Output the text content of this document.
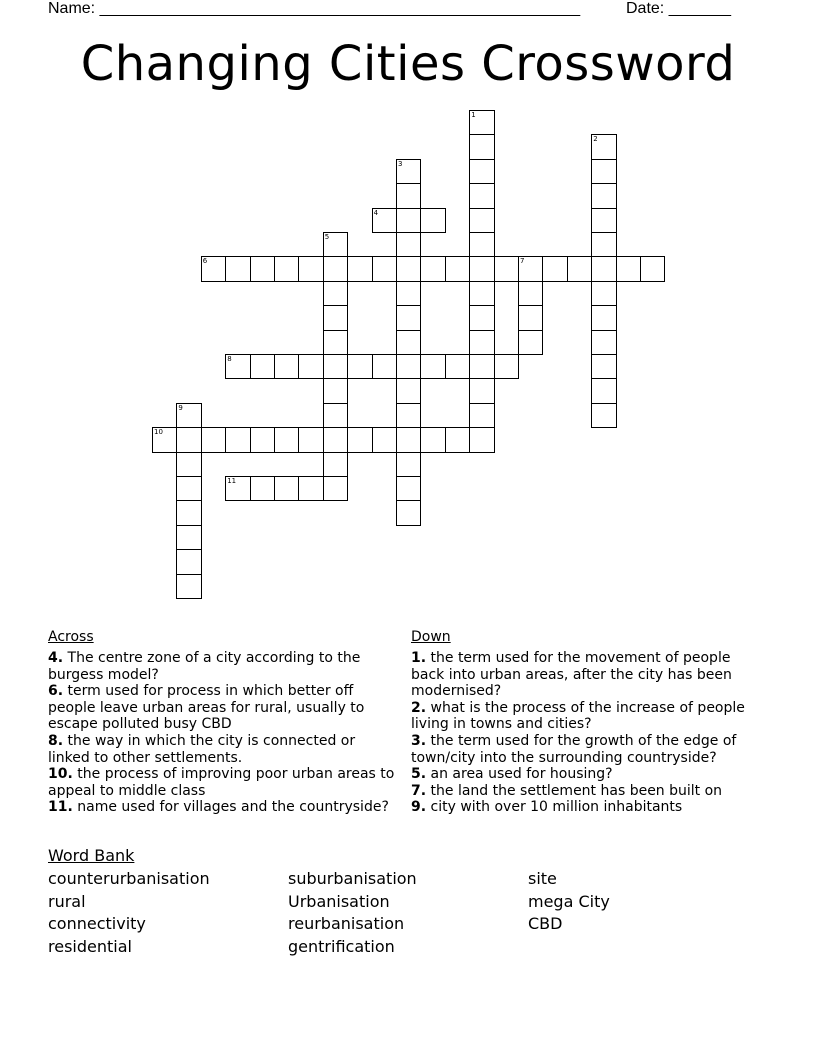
Name: ______________________________________________________	Date: _______
Changing Cities Crossword
1
2
3
4
5
6	7
8
9
10
11
Across
4. The centre zone of a city according to the burgess model?
6. term used for process in which better off people leave urban areas for rural, usually to escape polluted busy CBD
8. the way in which the city is connected or linked to other settlements.
10. the process of improving poor urban areas to appeal to middle class
11. name used for villages and the countryside?
Down
1. the term used for the movement of people back into urban areas, after the city has been modernised?
2. what is the process of the increase of people living in towns and cities?
3. the term used for the growth of the edge of town/city into the surrounding countryside?
5. an area used for housing?
7. the land the settlement has been built on
9. city with over 10 million inhabitants
Word Bank
counterurbanisation
rural
connectivity
residential
suburbanisation
Urbanisation
reurbanisation
gentrification
site
mega City
CBD
